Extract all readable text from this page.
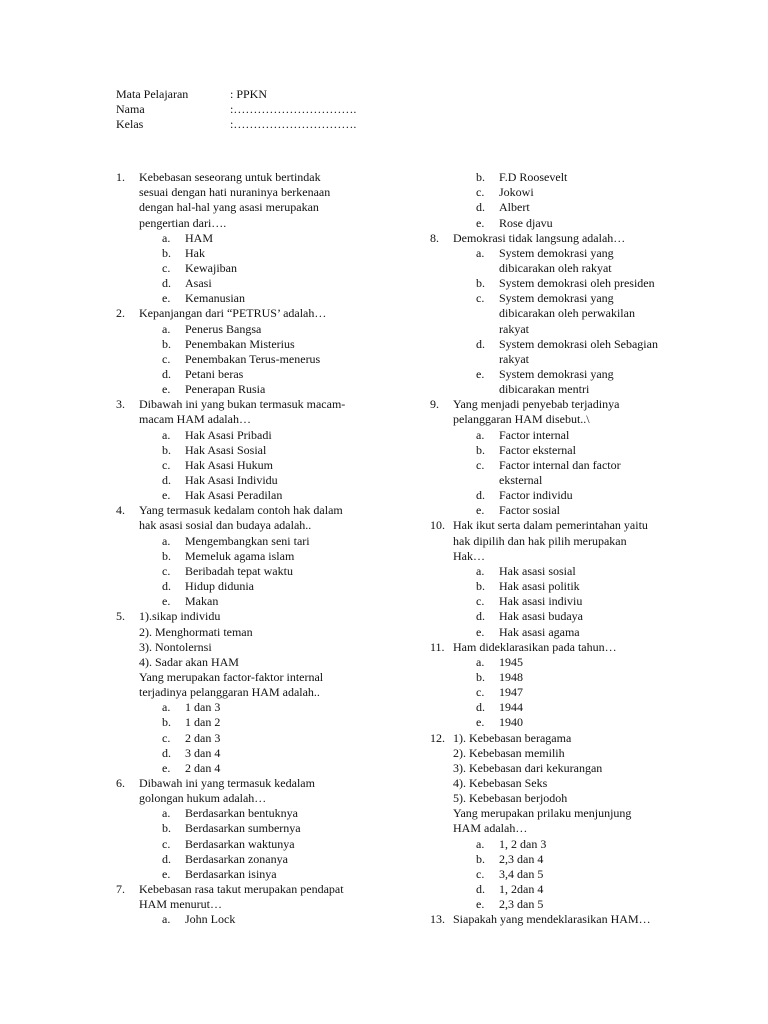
Mata Pelajaran	: PPKN
Nama	:………………………….
Kelas	:………………………….
1. Kebebasan seseorang untuk bertindak
sesuai dengan hati nuraninya berkenaan
dengan hal-hal yang asasi merupakan
pengertian dari….
a. HAM
b. Hak
c. Kewajiban
d. Asasi
e. Kemanusian
2. Kepanjangan dari “PETRUS’ adalah…
a. Penerus Bangsa
b. Penembakan Misterius
c. Penembakan Terus-menerus
d. Petani beras
e. Penerapan Rusia
3. Dibawah ini yang bukan termasuk macam-
macam HAM adalah…
a. Hak Asasi Pribadi
b. Hak Asasi Sosial
c. Hak Asasi Hukum
d. Hak Asasi Individu
e. Hak Asasi Peradilan
4. Yang termasuk kedalam contoh hak dalam
hak asasi sosial dan budaya adalah..
a. Mengembangkan seni tari
b. Memeluk agama islam
c. Beribadah tepat waktu
d. Hidup didunia
e. Makan
5. 1).sikap individu
2). Menghormati teman
3). Nontolernsi
4). Sadar akan HAM
Yang merupakan factor-faktor internal
terjadinya pelanggaran HAM adalah..
a. 1 dan 3
b. 1 dan 2
c. 2 dan 3
d. 3 dan 4
e. 2 dan 4
6. Dibawah ini yang termasuk kedalam
golongan hukum adalah…
a. Berdasarkan bentuknya
b. Berdasarkan sumbernya
c. Berdasarkan waktunya
d. Berdasarkan zonanya
e. Berdasarkan isinya
7. Kebebasan rasa takut merupakan pendapat
HAM menurut…
a. John Lock
b. F.D Roosevelt
c. Jokowi
d. Albert
e. Rose djavu
8. Demokrasi tidak langsung adalah…
a. System demokrasi yang
dibicarakan oleh rakyat
b. System demokrasi oleh presiden
c. System demokrasi yang
dibicarakan oleh perwakilan
rakyat
d. System demokrasi oleh Sebagian
rakyat
e. System demokrasi yang
dibicarakan mentri
9. Yang menjadi penyebab terjadinya
pelanggaran HAM disebut..\
a. Factor internal
b. Factor eksternal
c. Factor internal dan factor
eksternal
d. Factor individu
e. Factor sosial
10. Hak ikut serta dalam pemerintahan yaitu
hak dipilih dan hak pilih merupakan
Hak…
a. Hak asasi sosial
b. Hak asasi politik
c. Hak asasi indiviu
d. Hak asasi budaya
e. Hak asasi agama
11. Ham dideklarasikan pada tahun…
a. 1945
b. 1948
c. 1947
d. 1944
e. 1940
12. 1). Kebebasan beragama
2). Kebebasan memilih
3). Kebebasan dari kekurangan
4). Kebebasan Seks
5). Kebebasan berjodoh
Yang merupakan prilaku menjunjung
HAM adalah…
a. 1, 2 dan 3
b. 2,3 dan 4
c. 3,4 dan 5
d. 1, 2dan 4
e. 2,3 dan 5
13. Siapakah yang mendeklarasikan HAM…
